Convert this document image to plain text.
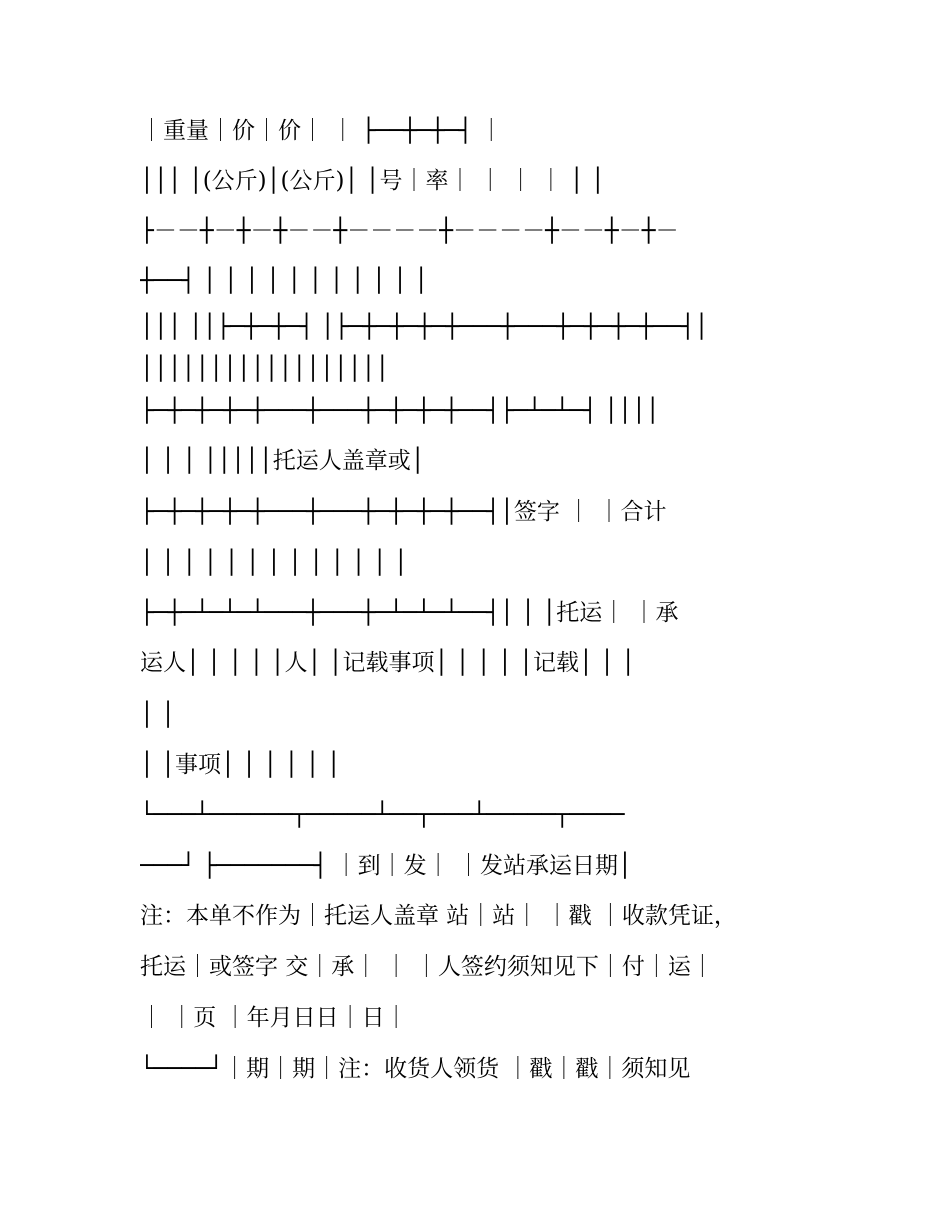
｜重量｜价｜价｜ ｜ ├──┼─┼─┤ ｜
│││ │(公斤)│(公斤)│ │号｜率｜ ｜ ｜ ｜ │ │
├－－┼－┼－┼－－┼－－－－┼－－－－┼－－┼－┼－
┼──┤ │ │ │ │ │ │ │ │ │ │ │
│││ ││├─┼─┼─┤ │├─┼─┼─┼─┼───┼───┼─┼─┼─┼──┤│
││││││││││││││││││
├─┼─┼─┼─┼───┼───┼─┼─┼─┼──┤├─┴─┴─┤ ││││
│ │ │ │││││托运人盖章或│
├─┼─┼─┼─┼───┼───┼─┼─┼─┼──┤│签字 ｜ ｜合计
│ │ │ │ │ │ │ │ │ │ │ │ │
├─┼─┴─┴─┴───┼───┼─┴─┴─┴──┤│ │ │托运｜ ｜承
运人│ │ │ │ │人│ │记载事项│ │ │ │ │记载│ │ │
│ │
│ │事项│ │ │ │ │ │
└───┴──────┬─────┴──┬───┴─────┬────
───┘ ├───────┤ ｜到｜发｜ ｜发站承运日期│
注：本单不作为｜托运人盖章 站｜站｜ ｜戳 ｜收款凭证，
托运｜或签字 交｜承｜ ｜ ｜人签约须知见下｜付｜运｜
｜ ｜页 ｜年月日日｜日｜
└────┘｜期｜期｜注：收货人领货 ｜戳｜戳｜须知见
